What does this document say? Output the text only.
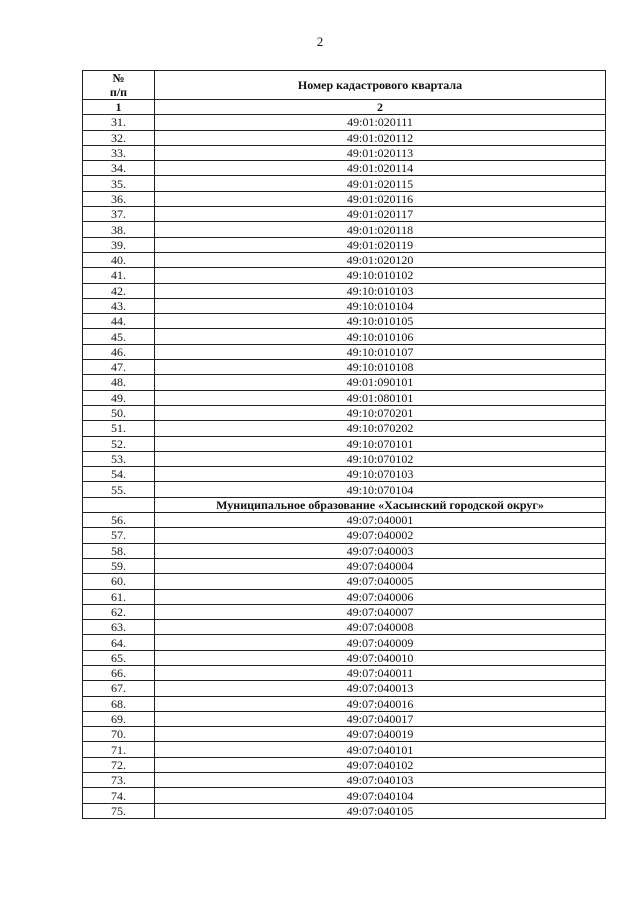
2
№
п/п	Номер кадастрового квартала
1	2
31.	49:01:020111
32.	49:01:020112
33.	49:01:020113
34.	49:01:020114
35.	49:01:020115
36.	49:01:020116
37.	49:01:020117
38.	49:01:020118
39.	49:01:020119
40.	49:01:020120
41.	49:10:010102
42.	49:10:010103
43.	49:10:010104
44.	49:10:010105
45.	49:10:010106
46.	49:10:010107
47.	49:10:010108
48.	49:01:090101
49.	49:01:080101
50.	49:10:070201
51.	49:10:070202
52.	49:10:070101
53.	49:10:070102
54.	49:10:070103
55.	49:10:070104
	Муниципальное образование «Хасынский городской округ»
56.	49:07:040001
57.	49:07:040002
58.	49:07:040003
59.	49:07:040004
60.	49:07:040005
61.	49:07:040006
62.	49:07:040007
63.	49:07:040008
64.	49:07:040009
65.	49:07:040010
66.	49:07:040011
67.	49:07:040013
68.	49:07:040016
69.	49:07:040017
70.	49:07:040019
71.	49:07:040101
72.	49:07:040102
73.	49:07:040103
74.	49:07:040104
75.	49:07:040105
